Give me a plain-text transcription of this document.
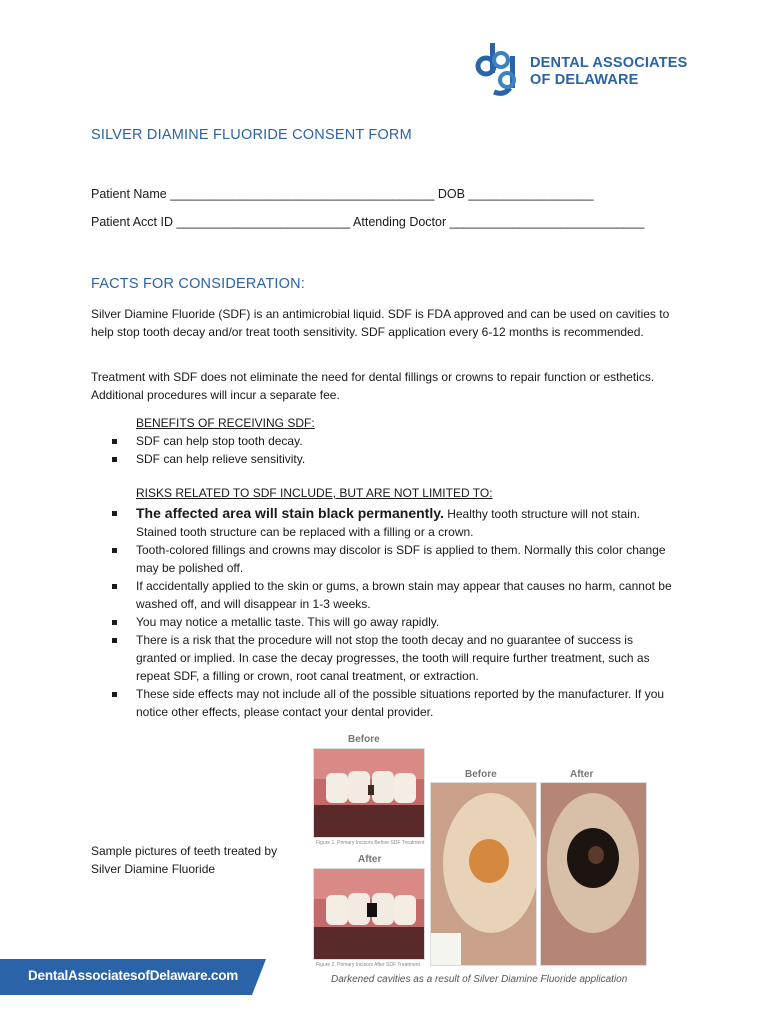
DENTAL ASSOCIATES
OF DELAWARE
SILVER DIAMINE FLUORIDE CONSENT FORM
Patient Name ______________________________________ DOB __________________
Patient Acct ID _________________________ Attending Doctor ____________________________
FACTS FOR CONSIDERATION:
Silver Diamine Fluoride (SDF) is an antimicrobial liquid. SDF is FDA approved and can be used on cavities to help stop tooth decay and/or treat tooth sensitivity. SDF application every 6-12 months is recommended.
Treatment with SDF does not eliminate the need for dental fillings or crowns to repair function or esthetics. Additional procedures will incur a separate fee.
BENEFITS OF RECEIVING SDF:
SDF can help stop tooth decay.
SDF can help relieve sensitivity.
RISKS RELATED TO SDF INCLUDE, BUT ARE NOT LIMITED TO:
The affected area will stain black permanently. Healthy tooth structure will not stain. Stained tooth structure can be replaced with a filling or a crown.
Tooth-colored fillings and crowns may discolor is SDF is applied to them. Normally this color change may be polished off.
If accidentally applied to the skin or gums, a brown stain may appear that causes no harm, cannot be washed off, and will disappear in 1-3 weeks.
You may notice a metallic taste. This will go away rapidly.
There is a risk that the procedure will not stop the tooth decay and no guarantee of success is granted or implied. In case the decay progresses, the tooth will require further treatment, such as repeat SDF, a filling or crown, root canal treatment, or extraction.
These side effects may not include all of the possible situations reported by the manufacturer. If you notice other effects, please contact your dental provider.
Sample pictures of teeth treated by Silver Diamine Fluoride
Before
Figure 1. Primary Incisors Before SDF Treatment
After
Figure 2. Primary Incisors After SDF Treatment
Before	After
Darkened cavities as a result of Silver Diamine Fluoride application
DentalAssociatesofDelaware.com
